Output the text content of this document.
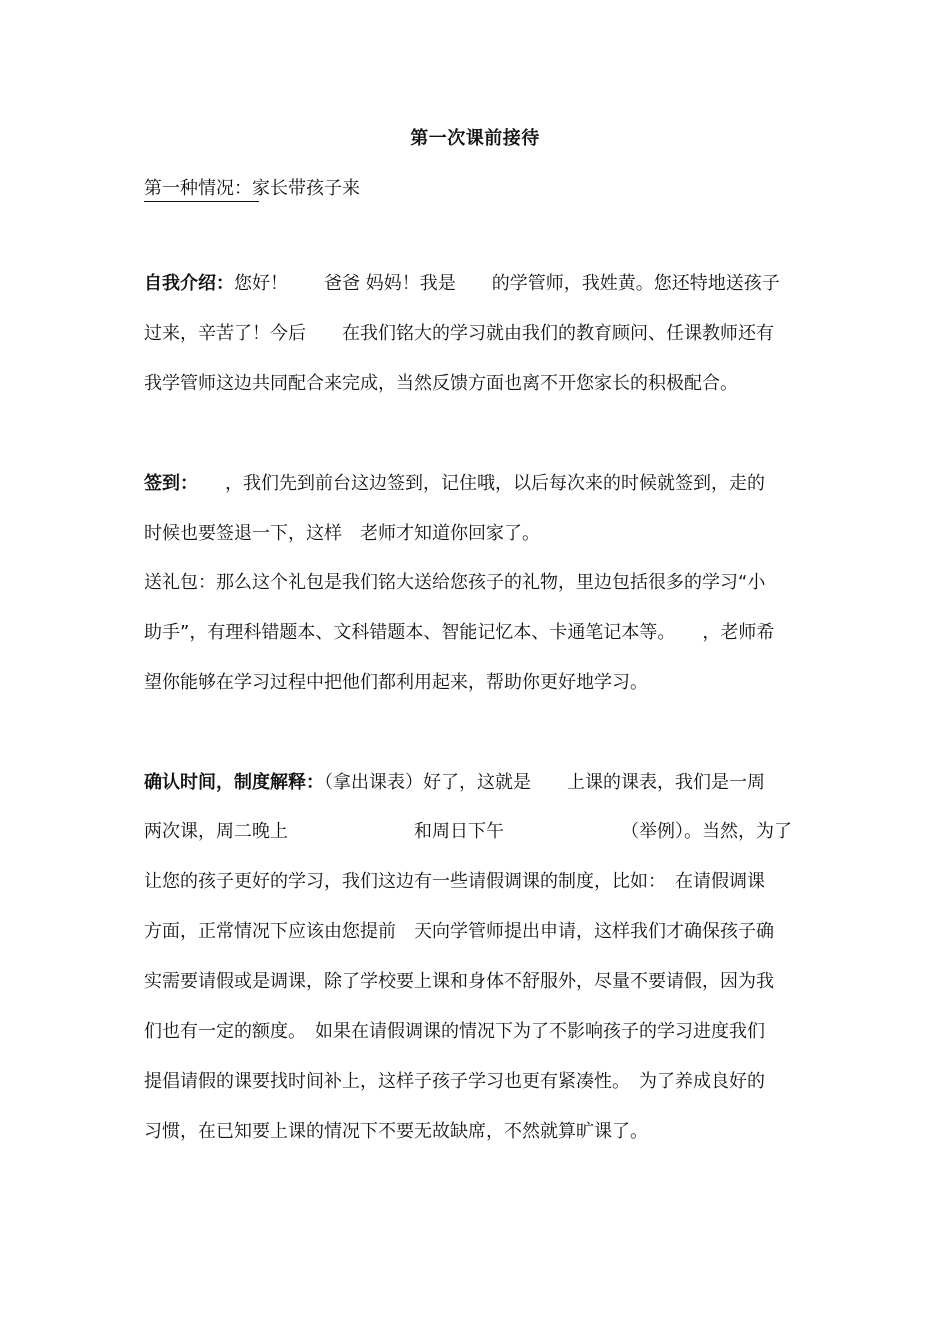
第一次课前接待
第一种情况：家长带孩子来
自我介绍：您好！　　爸爸 妈妈！我是　　的学管师，我姓黄。您还特地送孩子
过来，辛苦了！今后　　在我们铭大的学习就由我们的教育顾问、任课教师还有
我学管师这边共同配合来完成，当然反馈方面也离不开您家长的积极配合。
签到：　　，我们先到前台这边签到，记住哦，以后每次来的时候就签到，走的
时候也要签退一下，这样　老师才知道你回家了。
送礼包：那么这个礼包是我们铭大送给您孩子的礼物，里边包括很多的学习“小
助手”，有理科错题本、文科错题本、智能记忆本、卡通笔记本等。　　，老师希
望你能够在学习过程中把他们都利用起来，帮助你更好地学习。
确认时间，制度解释：（拿出课表）好了，这就是　　上课的课表，我们是一周
两次课，周二晚上　　　　　　　和周日下午　　　　　　　（举例）。当然，为了
让您的孩子更好的学习，我们这边有一些请假调课的制度，比如：　在请假调课
方面，正常情况下应该由您提前　天向学管师提出申请，这样我们才确保孩子确
实需要请假或是调课，除了学校要上课和身体不舒服外，尽量不要请假，因为我
们也有一定的额度。　如果在请假调课的情况下为了不影响孩子的学习进度我们
提倡请假的课要找时间补上，这样子孩子学习也更有紧凑性。　为了养成良好的
习惯，在已知要上课的情况下不要无故缺席，不然就算旷课了。
